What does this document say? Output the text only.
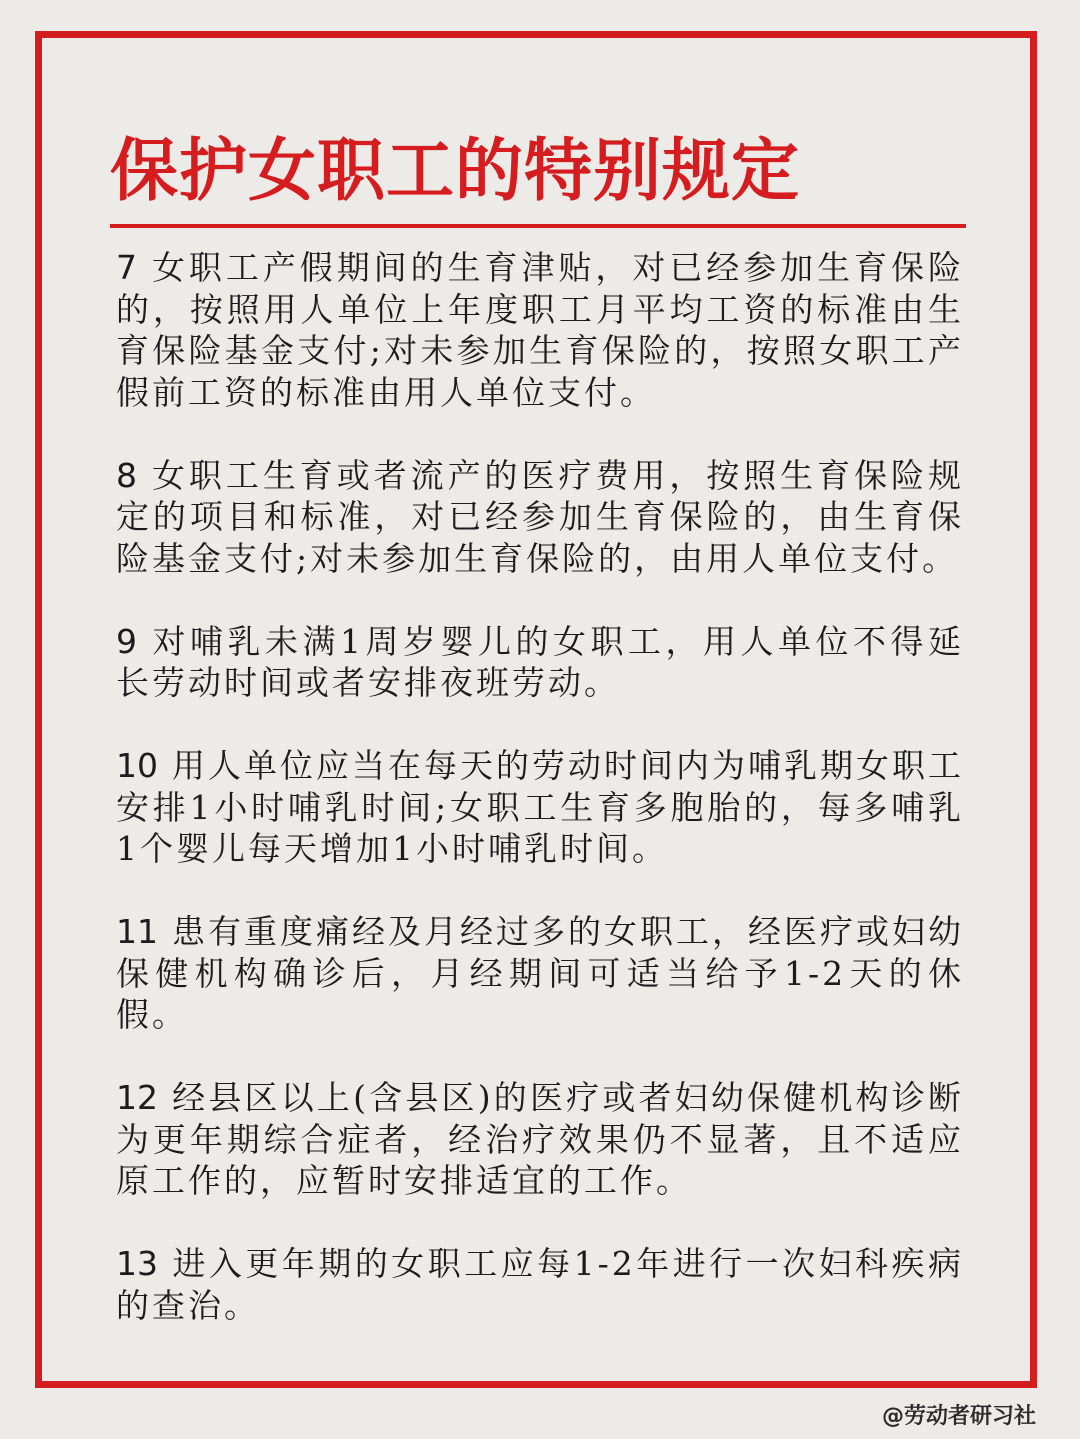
保护女职工的特别规定

7 女职工产假期间的生育津贴，对已经参加生育保险的，按照用人单位上年度职工月平均工资的标准由生育保险基金支付;对未参加生育保险的，按照女职工产假前工资的标准由用人单位支付。

8 女职工生育或者流产的医疗费用，按照生育保险规定的项目和标准，对已经参加生育保险的，由生育保险基金支付;对未参加生育保险的，由用人单位支付。

9 对哺乳未满1周岁婴儿的女职工，用人单位不得延长劳动时间或者安排夜班劳动。

10 用人单位应当在每天的劳动时间内为哺乳期女职工安排1小时哺乳时间;女职工生育多胞胎的，每多哺乳1个婴儿每天增加1小时哺乳时间。

11 患有重度痛经及月经过多的女职工，经医疗或妇幼保健机构确诊后，月经期间可适当给予1-2天的休假。

12 经县区以上(含县区)的医疗或者妇幼保健机构诊断为更年期综合症者，经治疗效果仍不显著，且不适应原工作的，应暂时安排适宜的工作。

13 进入更年期的女职工应每1-2年进行一次妇科疾病的查治。

@劳动者研习社
